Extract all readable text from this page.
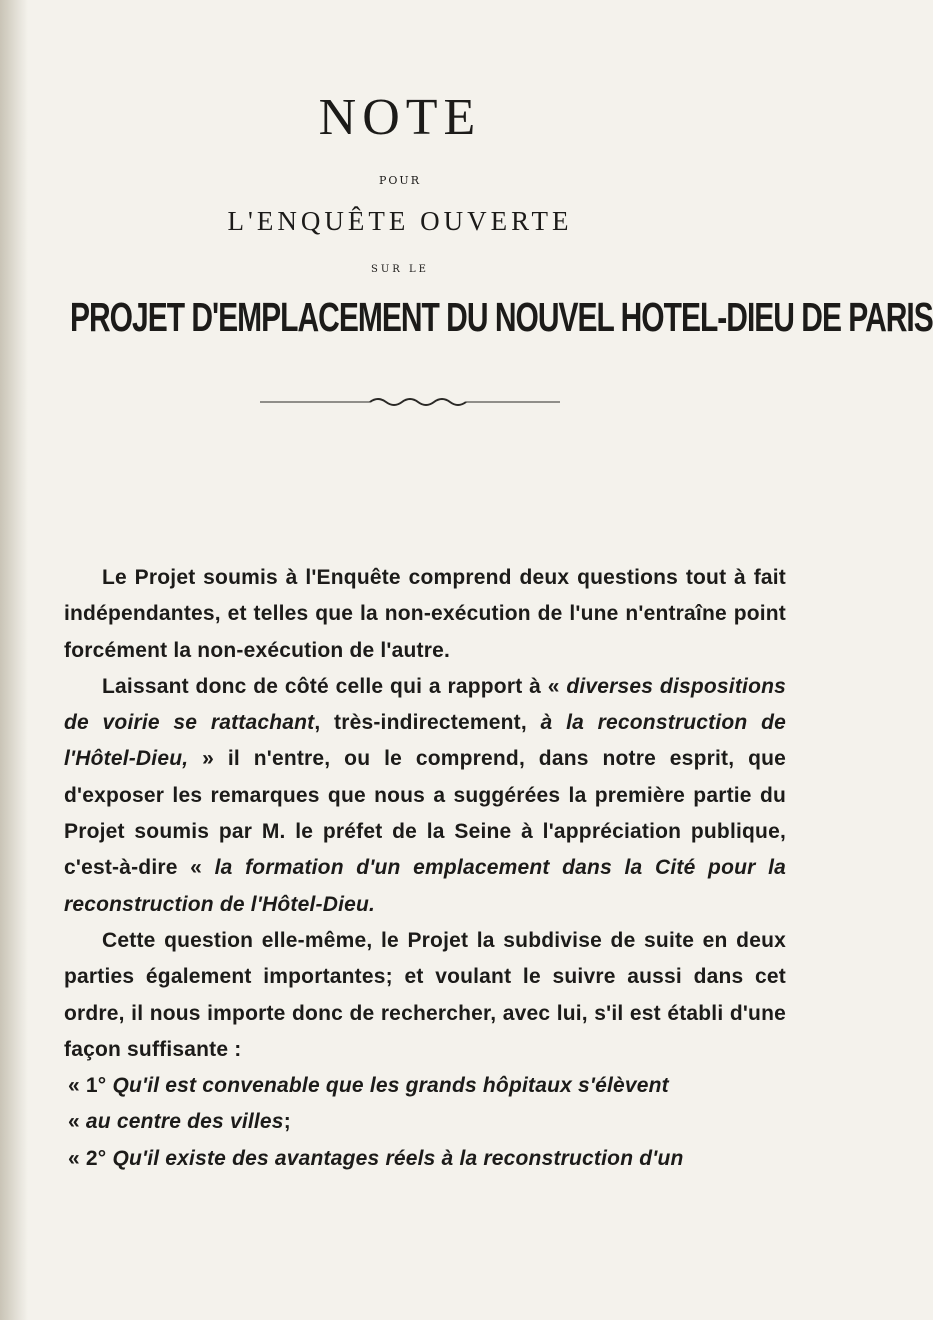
NOTE
POUR
L'ENQUÊTE OUVERTE
SUR LE
PROJET D'EMPLACEMENT DU NOUVEL HOTEL-DIEU DE PARIS

Le Projet soumis à l'Enquête comprend deux questions tout à fait indépendantes, et telles que la non-exécution de l'une n'entraîne point forcément la non-exécution de l'autre.

Laissant donc de côté celle qui a rapport à « diverses dispositions de voirie se rattachant, très-indirectement, à la reconstruction de l'Hôtel-Dieu, » il n'entre, ou le comprend, dans notre esprit, que d'exposer les remarques que nous a suggérées la première partie du Projet soumis par M. le préfet de la Seine à l'appréciation publique, c'est-à-dire « la formation d'un emplacement dans la Cité pour la reconstruction de l'Hôtel-Dieu.

Cette question elle-même, le Projet la subdivise de suite en deux parties également importantes; et voulant le suivre aussi dans cet ordre, il nous importe donc de rechercher, avec lui, s'il est établi d'une façon suffisante :

« 1° Qu'il est convenable que les grands hôpitaux s'élèvent

« au centre des villes;

« 2° Qu'il existe des avantages réels à la reconstruction d'un
